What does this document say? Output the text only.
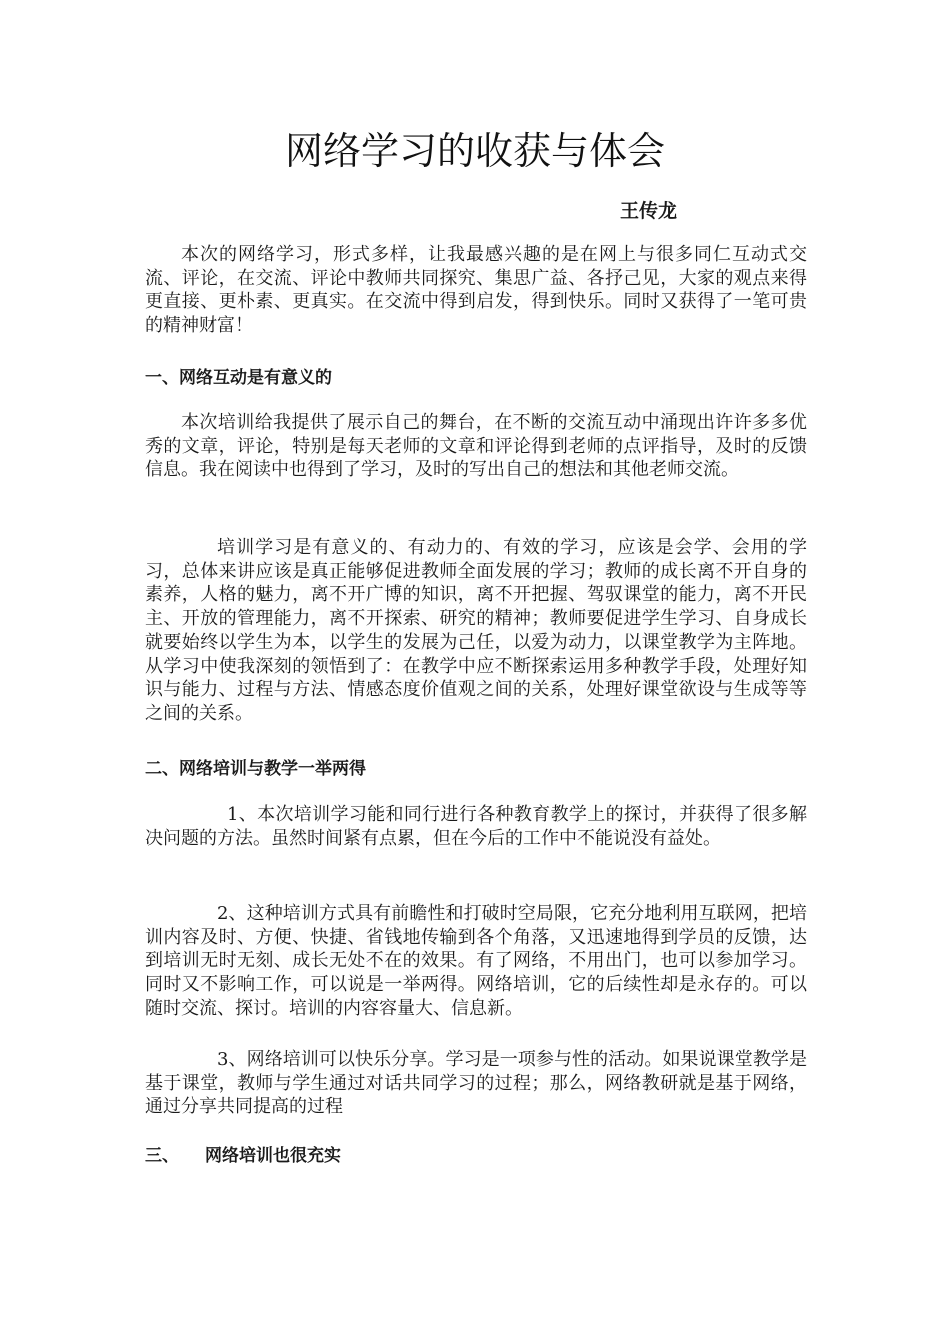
网络学习的收获与体会

王传龙

本次的网络学习，形式多样，让我最感兴趣的是在网上与很多同仁互动式交流、评论，在交流、评论中教师共同探究、集思广益、各抒己见，大家的观点来得更直接、更朴素、更真实。在交流中得到启发，得到快乐。同时又获得了一笔可贵的精神财富！

一、网络互动是有意义的

本次培训给我提供了展示自己的舞台，在不断的交流互动中涌现出许许多多优秀的文章，评论，特别是每天老师的文章和评论得到老师的点评指导，及时的反馈信息。我在阅读中也得到了学习，及时的写出自己的想法和其他老师交流。

培训学习是有意义的、有动力的、有效的学习，应该是会学、会用的学习，总体来讲应该是真正能够促进教师全面发展的学习；教师的成长离不开自身的素养，人格的魅力，离不开广博的知识，离不开把握、驾驭课堂的能力，离不开民主、开放的管理能力，离不开探索、研究的精神；教师要促进学生学习、自身成长就要始终以学生为本，以学生的发展为己任，以爱为动力，以课堂教学为主阵地。从学习中使我深刻的领悟到了：在教学中应不断探索运用多种教学手段，处理好知识与能力、过程与方法、情感态度价值观之间的关系，处理好课堂欲设与生成等等之间的关系。

二、网络培训与教学一举两得

1、本次培训学习能和同行进行各种教育教学上的探讨，并获得了很多解决问题的方法。虽然时间紧有点累，但在今后的工作中不能说没有益处。

2、这种培训方式具有前瞻性和打破时空局限，它充分地利用互联网，把培训内容及时、方便、快捷、省钱地传输到各个角落，又迅速地得到学员的反馈，达到培训无时无刻、成长无处不在的效果。有了网络，不用出门，也可以参加学习。同时又不影响工作，可以说是一举两得。网络培训，它的后续性却是永存的。可以随时交流、探讨。培训的内容容量大、信息新。

3、网络培训可以快乐分享。学习是一项参与性的活动。如果说课堂教学是基于课堂，教师与学生通过对话共同学习的过程；那么，网络教研就是基于网络，通过分享共同提高的过程

三、 网络培训也很充实
